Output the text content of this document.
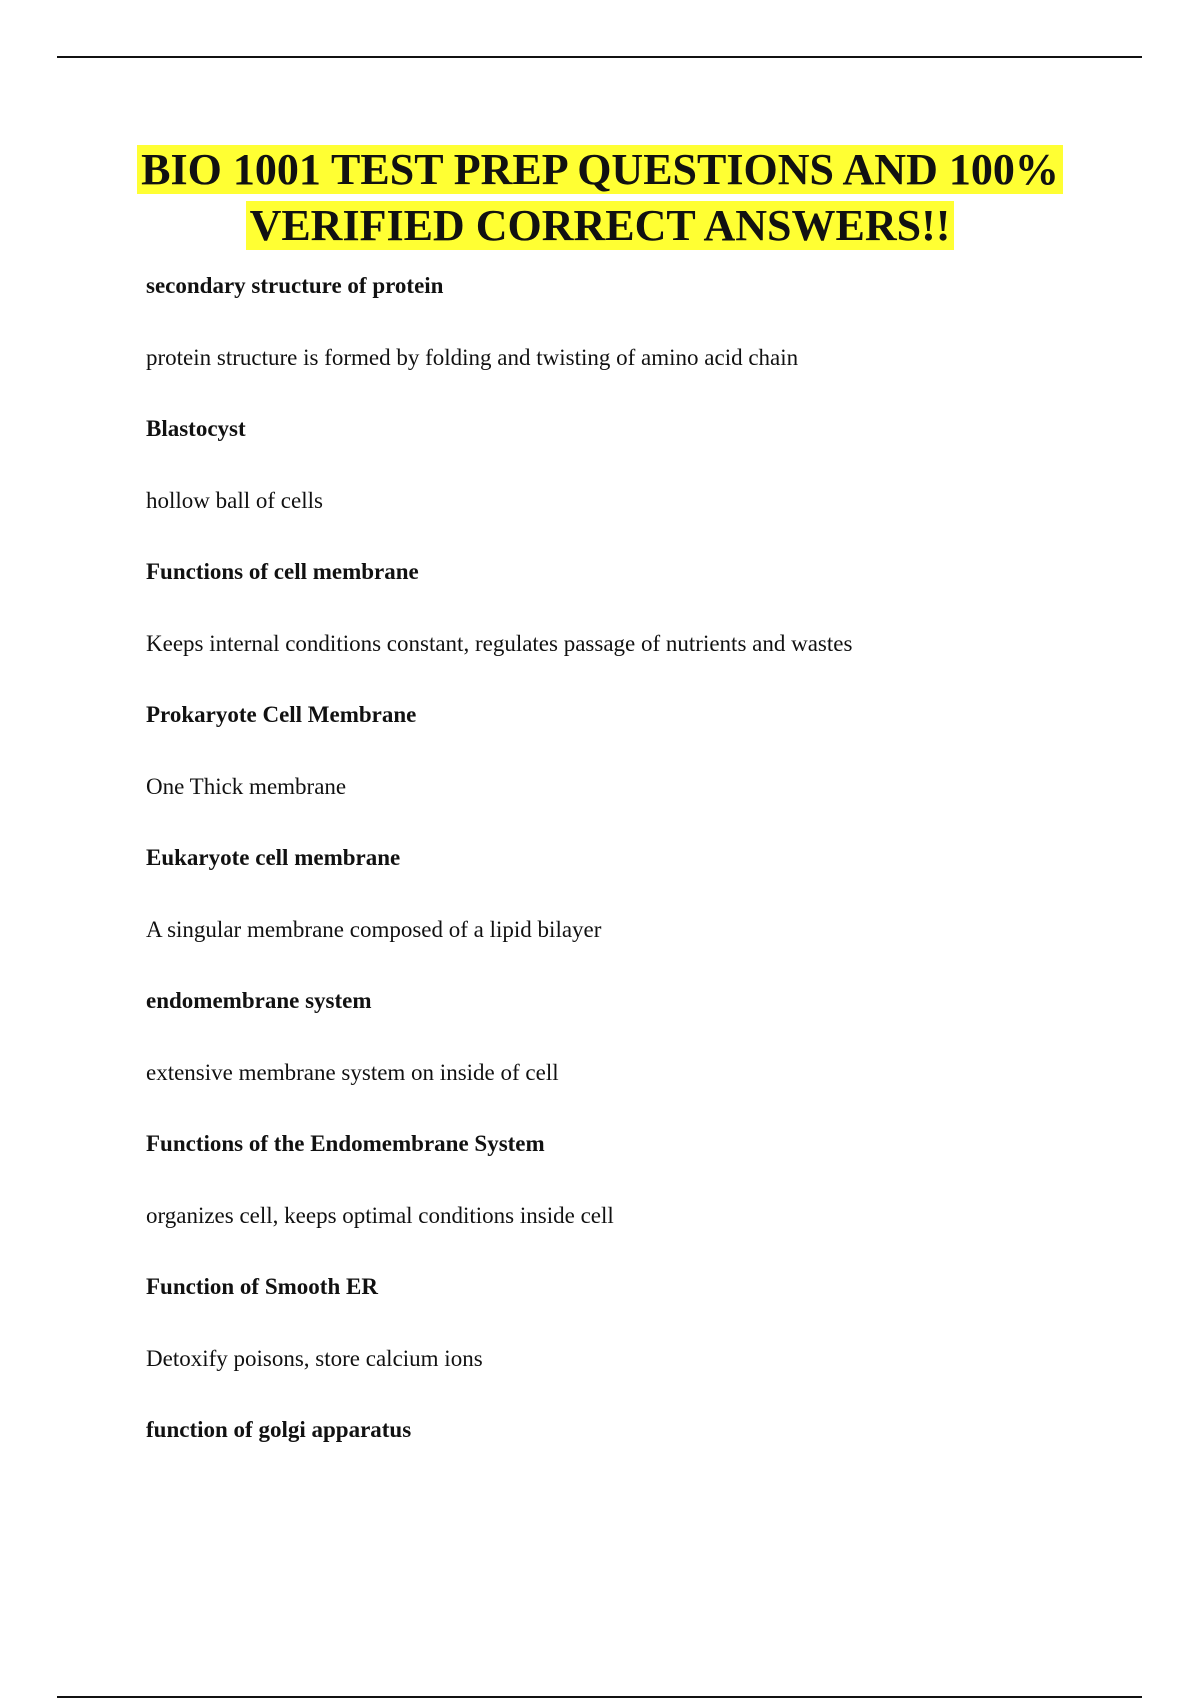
BIO 1001 TEST PREP QUESTIONS AND 100%
VERIFIED CORRECT ANSWERS!!
secondary structure of protein
protein structure is formed by folding and twisting of amino acid chain
Blastocyst
hollow ball of cells
Functions of cell membrane
Keeps internal conditions constant, regulates passage of nutrients and wastes
Prokaryote Cell Membrane
One Thick membrane
Eukaryote cell membrane
A singular membrane composed of a lipid bilayer
endomembrane system
extensive membrane system on inside of cell
Functions of the Endomembrane System
organizes cell, keeps optimal conditions inside cell
Function of Smooth ER
Detoxify poisons, store calcium ions
function of golgi apparatus
